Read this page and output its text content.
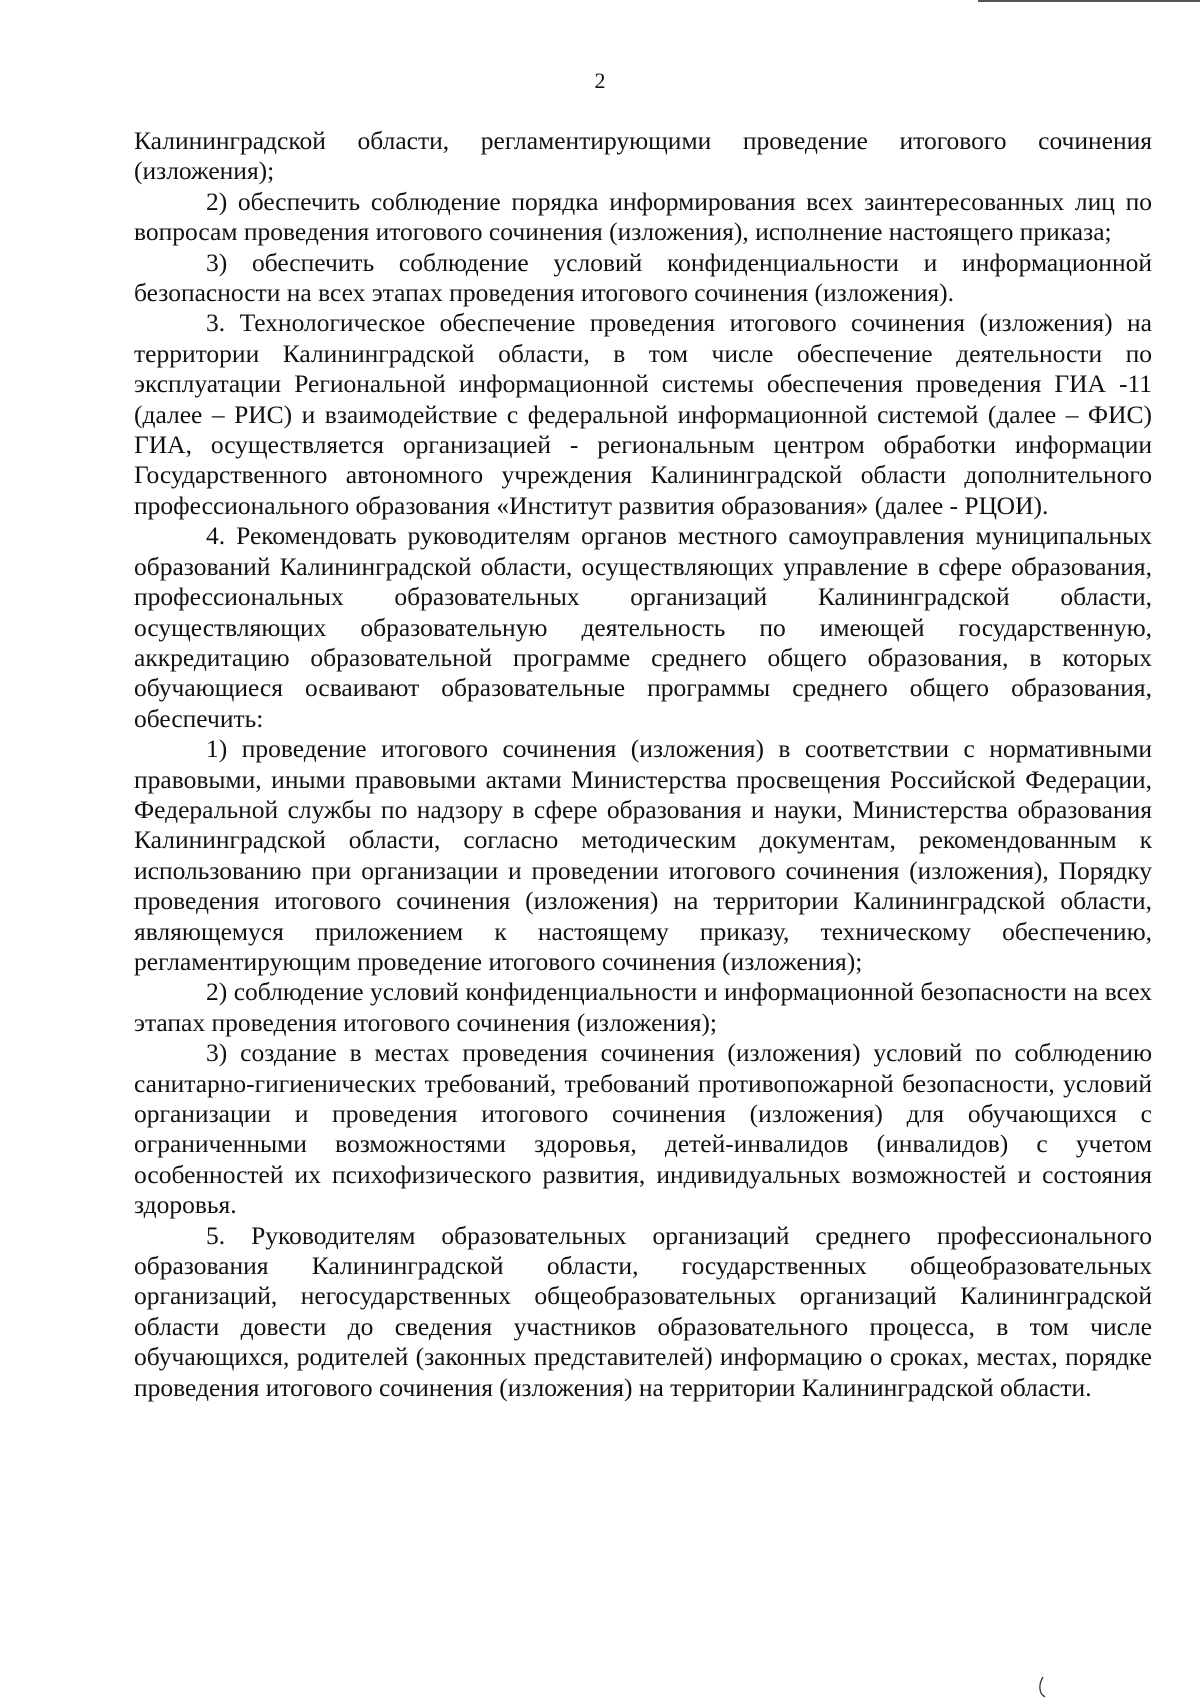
2

Калининградской области, регламентирующими проведение итогового сочинения (изложения);

2) обеспечить соблюдение порядка информирования всех заинтересованных лиц по вопросам проведения итогового сочинения (изложения), исполнение настоящего приказа;

3) обеспечить соблюдение условий конфиденциальности и информационной безопасности на всех этапах проведения итогового сочинения (изложения).

3. Технологическое обеспечение проведения итогового сочинения (изложения) на территории Калининградской области, в том числе обеспечение деятельности по эксплуатации Региональной информационной системы обеспечения проведения ГИА -11 (далее – РИС) и взаимодействие с федеральной информационной системой (далее – ФИС) ГИА, осуществляется организацией - региональным центром обработки информации Государственного автономного учреждения Калининградской области дополнительного профессионального образования «Институт развития образования» (далее - РЦОИ).

4. Рекомендовать руководителям органов местного самоуправления муниципальных образований Калининградской области, осуществляющих управление в сфере образования, профессиональных образовательных организаций Калининградской области, осуществляющих образовательную деятельность по имеющей государственную, аккредитацию образовательной программе среднего общего образования, в которых обучающиеся осваивают образовательные программы среднего общего образования, обеспечить:

1) проведение итогового сочинения (изложения) в соответствии с нормативными правовыми, иными правовыми актами Министерства просвещения Российской Федерации, Федеральной службы по надзору в сфере образования и науки, Министерства образования Калининградской области, согласно методическим документам, рекомендованным к использованию при организации и проведении итогового сочинения (изложения), Порядку проведения итогового сочинения (изложения) на территории Калининградской области, являющемуся приложением к настоящему приказу, техническому обеспечению, регламентирующим проведение итогового сочинения (изложения);

2) соблюдение условий конфиденциальности и информационной безопасности на всех этапах проведения итогового сочинения (изложения);

3) создание в местах проведения сочинения (изложения) условий по соблюдению санитарно-гигиенических требований, требований противопожарной безопасности, условий организации и проведения итогового сочинения (изложения) для обучающихся с ограниченными возможностями здоровья, детей-инвалидов (инвалидов) с учетом особенностей их психофизического развития, индивидуальных возможностей и состояния здоровья.

5. Руководителям образовательных организаций среднего профессионального образования Калининградской области, государственных общеобразовательных организаций, негосударственных общеобразовательных организаций Калининградской области довести до сведения участников образовательного процесса, в том числе обучающихся, родителей (законных представителей) информацию о сроках, местах, порядке проведения итогового сочинения (изложения) на территории Калининградской области.
